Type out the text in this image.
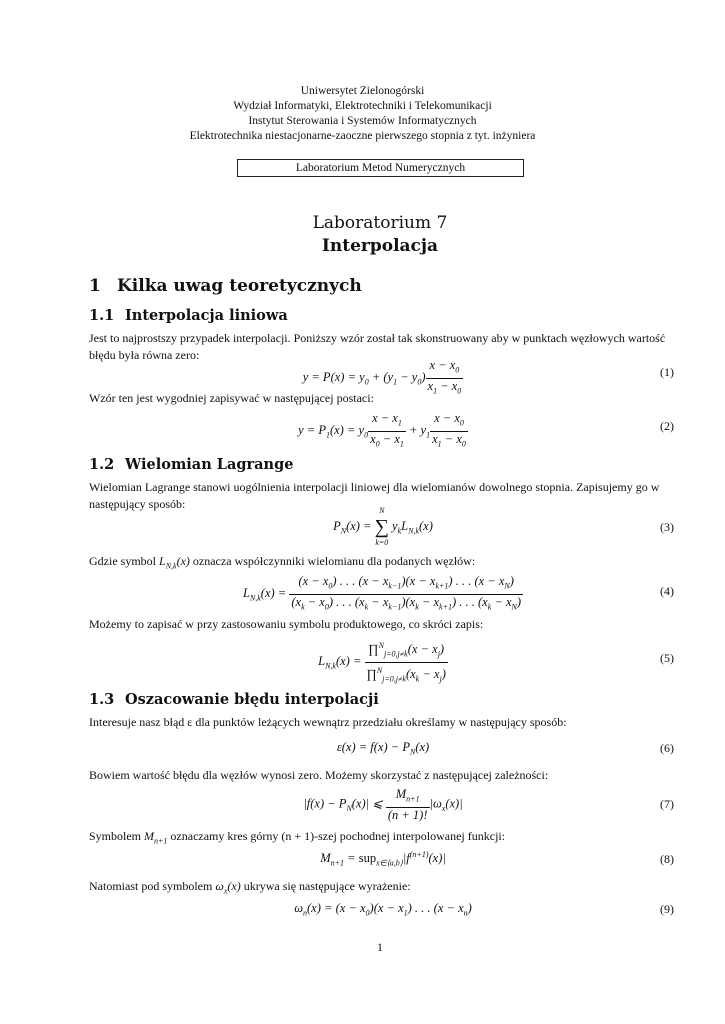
Uniwersytet Zielonogórski
Wydział Informatyki, Elektrotechniki i Telekomunikacji
Instytut Sterowania i Systemów Informatycznych
Elektrotechnika niestacjonarne-zaoczne pierwszego stopnia z tyt. inżyniera
Laboratorium Metod Numerycznych
Laboratorium 7
Interpolacja
1 Kilka uwag teoretycznych
1.1 Interpolacja liniowa
Jest to najprostszy przypadek interpolacji. Poniższy wzór został tak skonstruowany aby w punktach węzłowych wartość błędu była równa zero:
$y = P(x) = y_0 + (y_1 - y_0) \frac{x - x_0}{x_1 - x_0}$	(1)
Wzór ten jest wygodniej zapisywać w następującej postaci:
$y = P_1(x) = y_0 \frac{x - x_1}{x_0 - x_1} + y_1 \frac{x - x_0}{x_1 - x_0}$	(2)
1.2 Wielomian Lagrange
Wielomian Lagrange stanowi uogólnienia interpolacji liniowej dla wielomianów dowolnego stopnia. Zapisujemy go w następujący sposób:
$P_N(x)$ =
N
∑
k=0
$y_kL_{N,k}(x)$	(3)
Gdzie symbol $L_{N,k}(x)$ oznacza współczynniki wielomianu dla podanych węzłów:
$L_{N,k}(x) = \frac{(x - x_0) . . . (x - x_{k-1})(x - x_{k+1}) . . . (x - x_N)}{(x_k - x_0) . . . (x_k - x_{k-1})(x_k - x_{k+1}) . . . (x_k - x_N)}$	(4)
Możemy to zapisać w przy zastosowaniu symbolu produktowego, co skróci zapis:
$L_{N,k}(x) = \frac{\prod^N_{j=0,j\ne k}(x - x_j)}{\prod^N_{j=0,j\ne k}(x_k - x_j)}$	(5)
1.3 Oszacowanie błędu interpolacji
Interesuje nasz błąd ε dla punktów leżących wewnątrz przedziału określamy w następujący sposób:
$\varepsilon(x) = f(x) - P_N(x)$	(6)
Bowiem wartość błędu dla węzłów wynosi zero. Możemy skorzystać z następującej zależności:
$|f(x) - P_N(x)|$ ⩽ $\frac{M_{n+1}}{(n + 1)!} |\omega_x(x)|$	(7)
Symbolem $M_{n+1}$ oznaczamy kres górny (n + 1)-szej pochodnej interpolowanej funkcji:
$M_{n+1} = sup_{x\in⟨a,b⟩}|f^{(n+1)}(x)|$	(8)
Natomiast pod symbolem $\omega_x(x)$ ukrywa się następujące wyrażenie:
$\omega_n(x) = (x - x_0)(x - x_1)$ . . . $(x - x_n)$	(9)
1
